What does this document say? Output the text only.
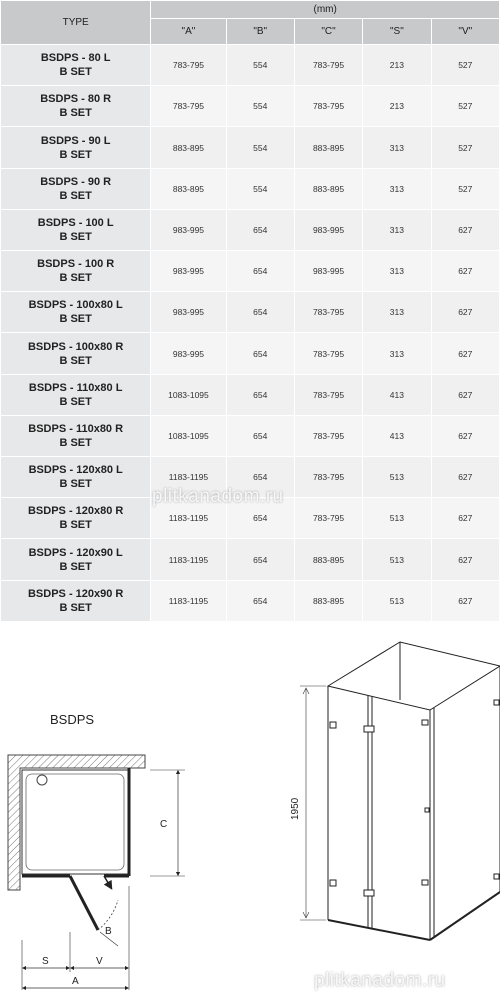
TYPE	(mm)				
	"A"	"B"	"C"	"S"	"V"

BSDPS - 80 L
B SET	783-795	554	783-795	213	527

BSDPS - 80 R
B SET	783-795	554	783-795	213	527

BSDPS - 90 L
B SET	883-895	554	883-895	313	527

BSDPS - 90 R
B SET	883-895	554	883-895	313	527

BSDPS - 100 L
B SET	983-995	654	983-995	313	627

BSDPS - 100 R
B SET	983-995	654	983-995	313	627

BSDPS - 100x80 L
B SET	983-995	654	783-795	313	627

BSDPS - 100x80 R
B SET	983-995	654	783-795	313	627

BSDPS - 110x80 L
B SET	1083-1095	654	783-795	413	627

BSDPS - 110x80 R
B SET	1083-1095	654	783-795	413	627

BSDPS - 120x80 L
B SET	1183-1195	654	783-795	513	627

BSDPS - 120x80 R
B SET	1183-1195	654	783-795	513	627

BSDPS - 120x90 L
B SET	1183-1195	654	883-895	513	627

BSDPS - 120x90 R
B SET	1183-1195	654	883-895	513	627
plitkanadom.ru
BSDPS
C
B
S	V
A
1950
plitkanadom.ru
